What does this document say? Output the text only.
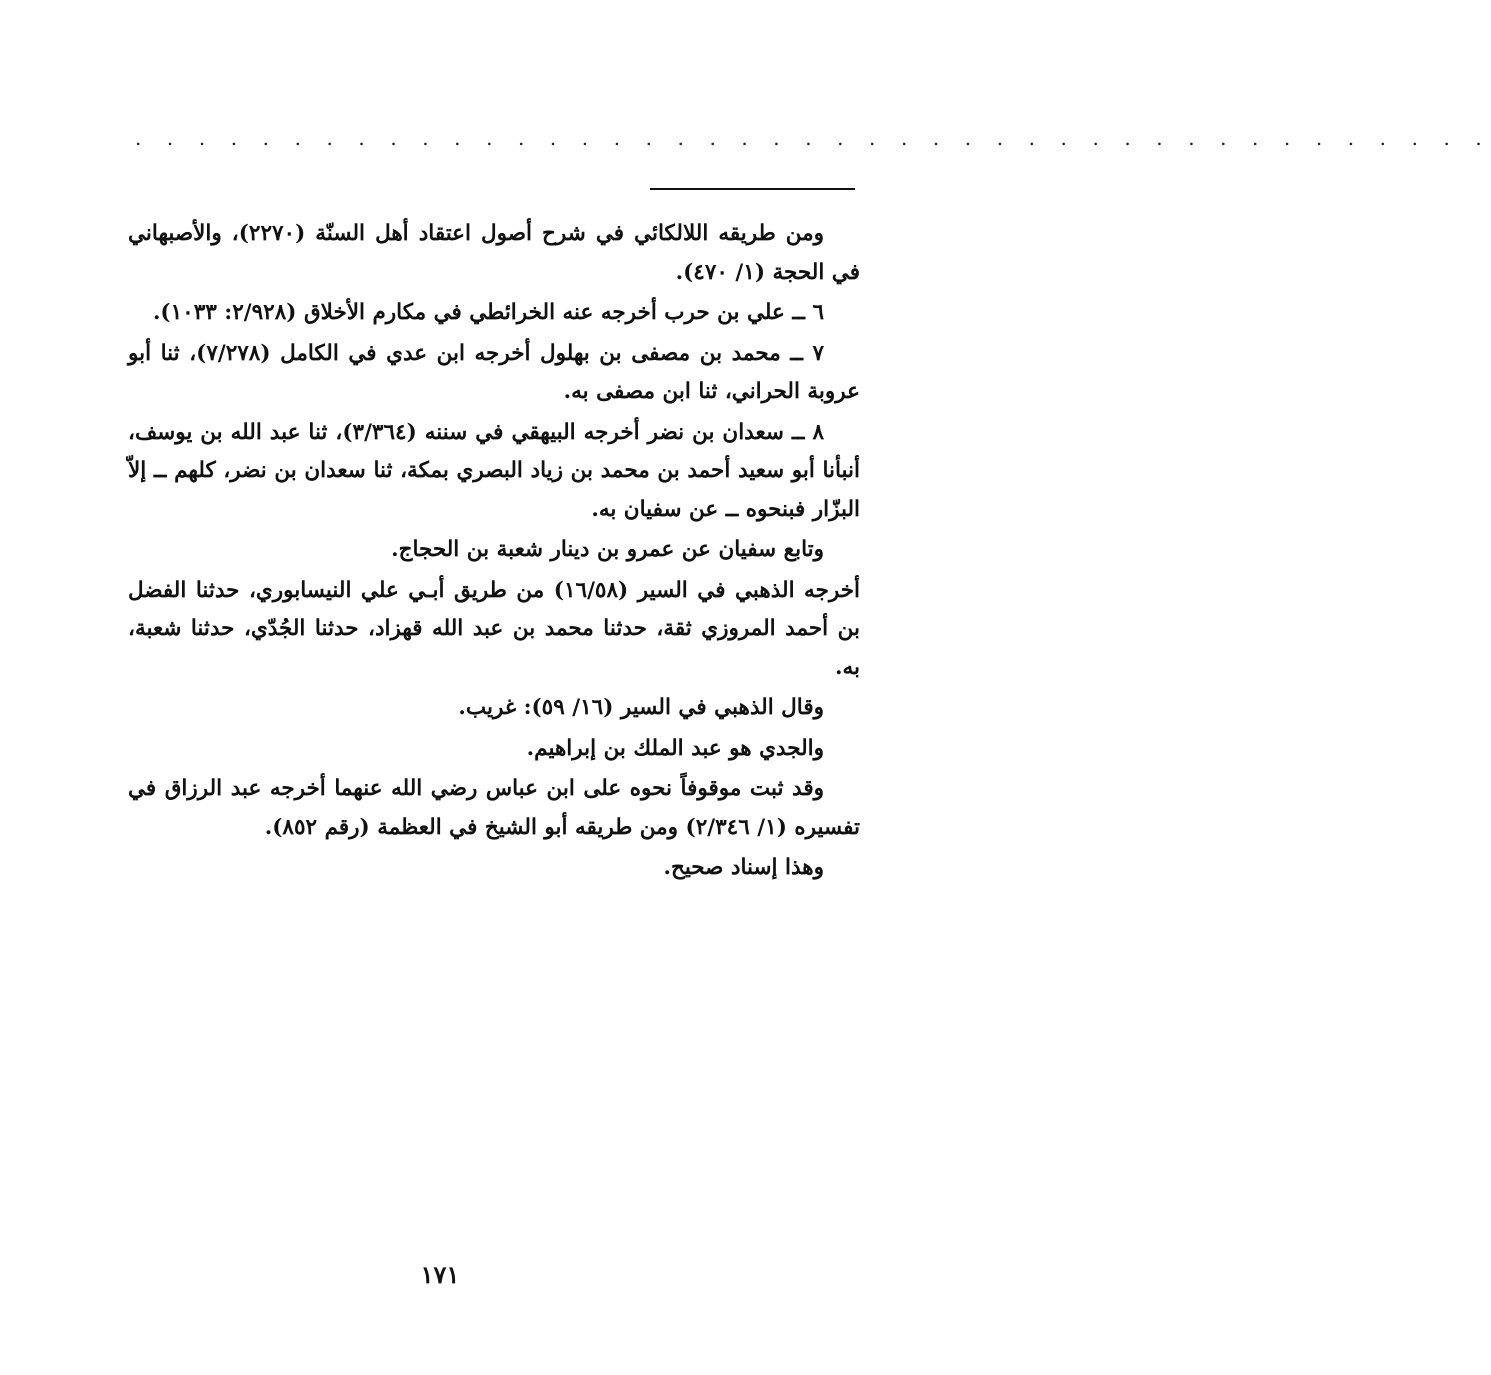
. . . . . . . . . . . . . . . . . . . . . . . . . . . . . . . . . . . . . . . . . . .

ومن طريقه اللالكائي في شرح أصول اعتقاد أهل السنّة (٢٢٧٠)، والأصبهاني في الحجة (١/ ٤٧٠).

٦ ــ علي بن حرب أخرجه عنه الخرائطي في مكارم الأخلاق (٢/٩٢٨: ١٠٣٣).

٧ ــ محمد بن مصفى بن بهلول أخرجه ابن عدي في الكامل (٧/٢٧٨)، ثنا أبو عروبة الحراني، ثنا ابن مصفى به.

٨ ــ سعدان بن نضر أخرجه البيهقي في سننه (٣/٣٦٤)، ثنا عبد الله بن يوسف، أنبأنا أبو سعيد أحمد بن محمد بن زياد البصري بمكة، ثنا سعدان بن نضر، كلهم ــ إلاّ البزّار فبنحوه ــ عن سفيان به.

وتابع سفيان عن عمرو بن دينار شعبة بن الحجاج.

أخرجه الذهبي في السير (١٦/٥٨) من طريق أبـي علي النيسابوري، حدثنا الفضل بن أحمد المروزي ثقة، حدثنا محمد بن عبد الله قهزاد، حدثنا الجُدّي، حدثنا شعبة، به.

وقال الذهبي في السير (١٦/ ٥٩): غريب.

والجدي هو عبد الملك بن إبراهيم.

وقد ثبت موقوفاً نحوه على ابن عباس رضي الله عنهما أخرجه عبد الرزاق في تفسيره (١/ ٢/٣٤٦) ومن طريقه أبو الشيخ في العظمة (رقم ٨٥٢).

وهذا إسناد صحيح.

١٧١
